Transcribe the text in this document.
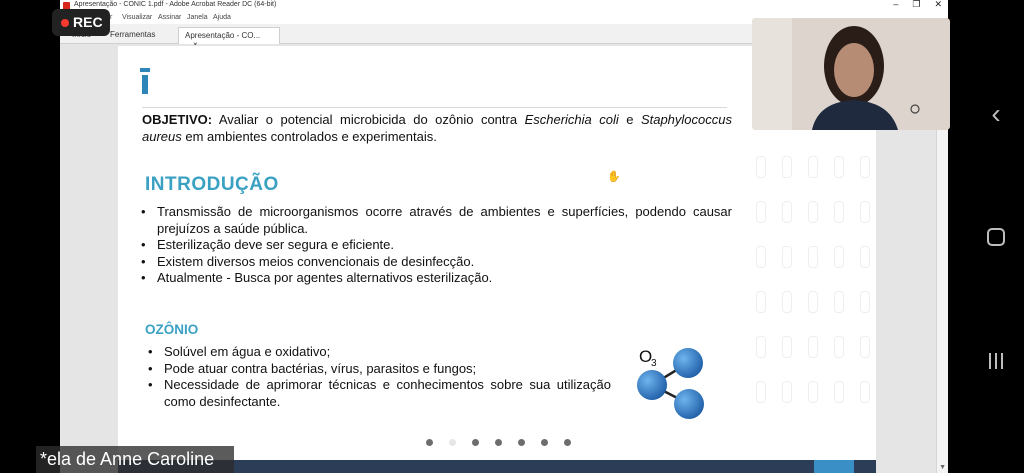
Apresentação - CONIC 1.pdf - Adobe Acrobat Reader DC (64-bit)	– ❐ ✕
r Visualizar Assinar Janela Ajuda
Ferramentas	Apresentação - CO...
▼

OBJETIVO: Avaliar o potencial microbicida do ozônio contra Escherichia coli e Staphylococcus aureus em ambientes controlados e experimentais.

✋
INTRODUÇÃO
• Transmissão de microorganismos ocorre através de ambientes e superfícies, podendo causar prejuízos a saúde pública.
• Esterilização deve ser segura e eficiente.
• Existem diversos meios convencionais de desinfecção.
• Atualmente - Busca por agentes alternativos esterilização.
OZÔNIO
• Solúvel em água e oxidativo;
• Pode atuar contra bactérias, vírus, parasitos e fungos;
• Necessidade de aprimorar técnicas e conhecimentos sobre sua utilização como desinfectante.
O
3
REC
*ela de Anne Caroline
‹
